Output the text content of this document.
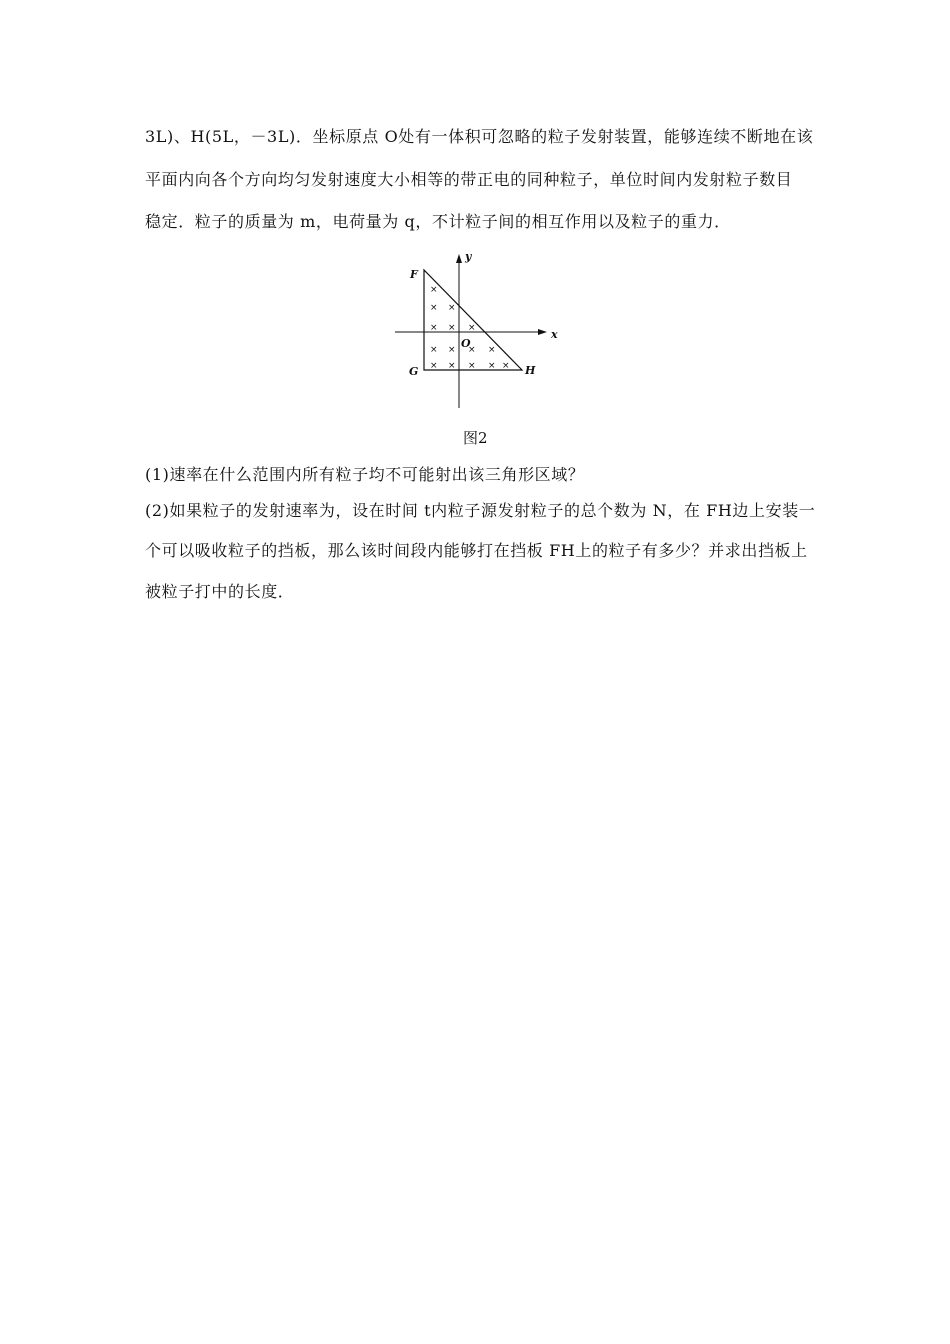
3L)、H(5L，－3L)．坐标原点 O处有一体积可忽略的粒子发射装置，能够连续不断地在该
平面内向各个方向均匀发射速度大小相等的带正电的同种粒子，单位时间内发射粒子数目
稳定．粒子的质量为 m，电荷量为 q，不计粒子间的相互作用以及粒子的重力．
×
× ×
× × ×
× × × ×
× × × × ×
F
G	H
O
x
y
图2
(1)速率在什么范围内所有粒子均不可能射出该三角形区域？
(2)如果粒子的发射速率为，设在时间 t内粒子源发射粒子的总个数为 N，在 FH边上安装一
个可以吸收粒子的挡板，那么该时间段内能够打在挡板 FH上的粒子有多少？并求出挡板上
被粒子打中的长度．
